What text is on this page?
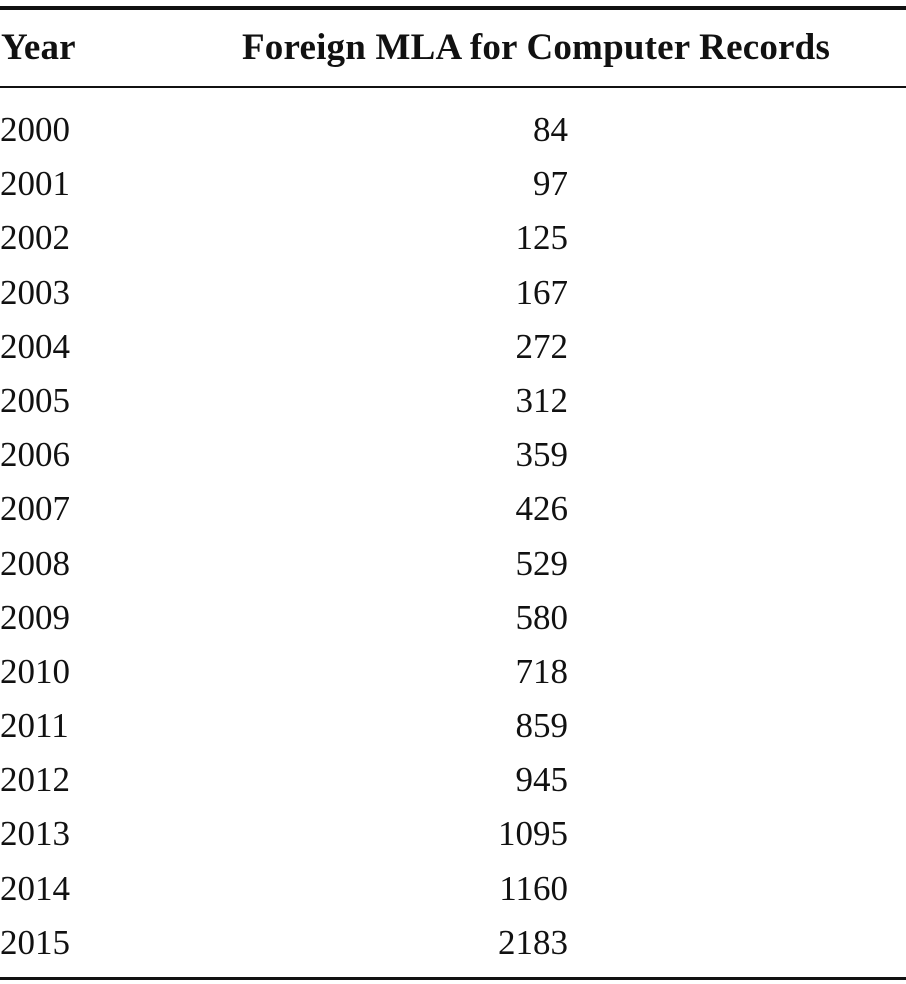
Year	Foreign MLA for Computer Records
2000	84
2001	97
2002	125
2003	167
2004	272
2005	312
2006	359
2007	426
2008	529
2009	580
2010	718
2011	859
2012	945
2013	1095
2014	1160
2015	2183
